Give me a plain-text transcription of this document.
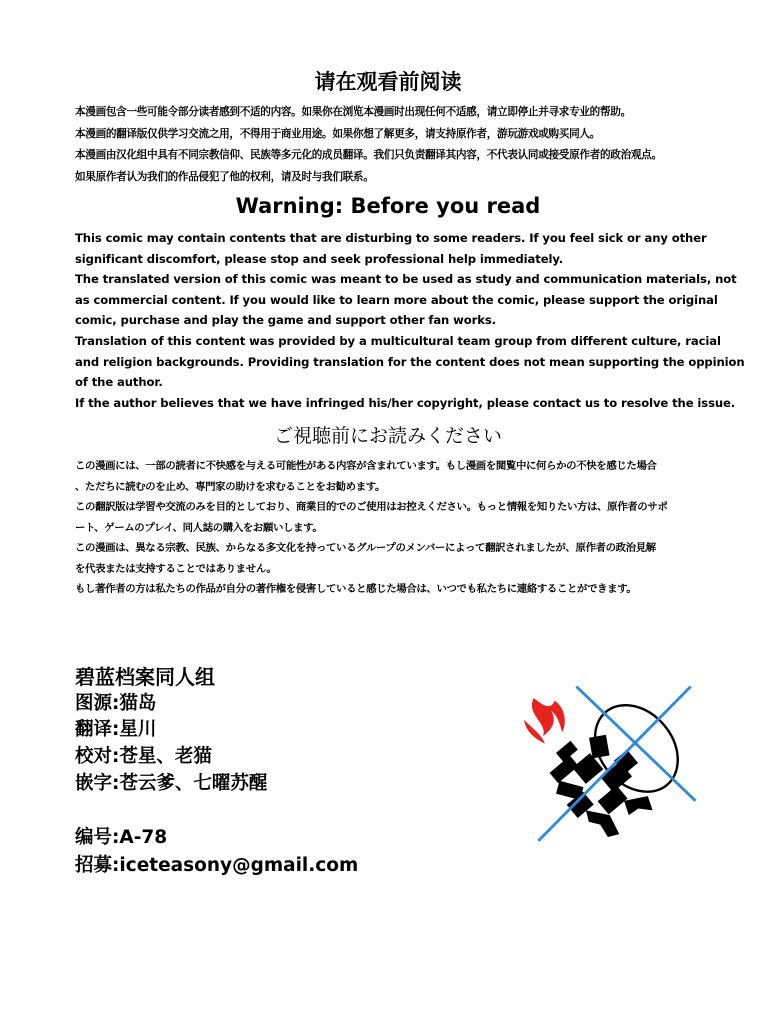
请在观看前阅读
本漫画包含一些可能令部分读者感到不适的内容。如果你在浏览本漫画时出现任何不适感，请立即停止并寻求专业的帮助。
本漫画的翻译版仅供学习交流之用，不得用于商业用途。如果你想了解更多，请支持原作者，游玩游戏或购买同人。
本漫画由汉化组中具有不同宗教信仰、民族等多元化的成员翻译。我们只负责翻译其内容，不代表认同或接受原作者的政治观点。
如果原作者认为我们的作品侵犯了他的权利，请及时与我们联系。
Warning: Before you read
This comic may contain contents that are disturbing to some readers. If you feel sick or any other
significant discomfort, please stop and seek professional help immediately.
The translated version of this comic was meant to be used as study and communication materials, not
as commercial content. If you would like to learn more about the comic, please support the original
comic, purchase and play the game and support other fan works.
Translation of this content was provided by a multicultural team group from different culture, racial
and religion backgrounds. Providing translation for the content does not mean supporting the oppinion
of the author.
If the author believes that we have infringed his/her copyright, please contact us to resolve the issue.
ご視聴前にお読みください
この漫画には、一部の読者に不快感を与える可能性がある内容が含まれています。もし漫画を閲覧中に何らかの不快を感じた場合
、ただちに読むのを止め、専門家の助けを求むることをお勧めます。
この翻訳版は学習や交流のみを目的としており、商業目的でのご使用はお控えください。もっと情報を知りたい方は、原作者のサポ
ート、ゲームのプレイ、同人誌の購入をお願いします。
この漫画は、異なる宗教、民族、からなる多文化を持っているグループのメンバーによって翻訳されましたが、原作者の政治見解
を代表または支持することではありません。
もし著作者の方は私たちの作品が自分の著作権を侵害していると感じた場合は、いつでも私たちに連絡することができます。
碧蓝档案同人组
图源:猫岛
翻译:星川
校对:苍星、老猫
嵌字:苍云爹、七曜苏醒
编号:A-78
招募:iceteasony@gmail.com
